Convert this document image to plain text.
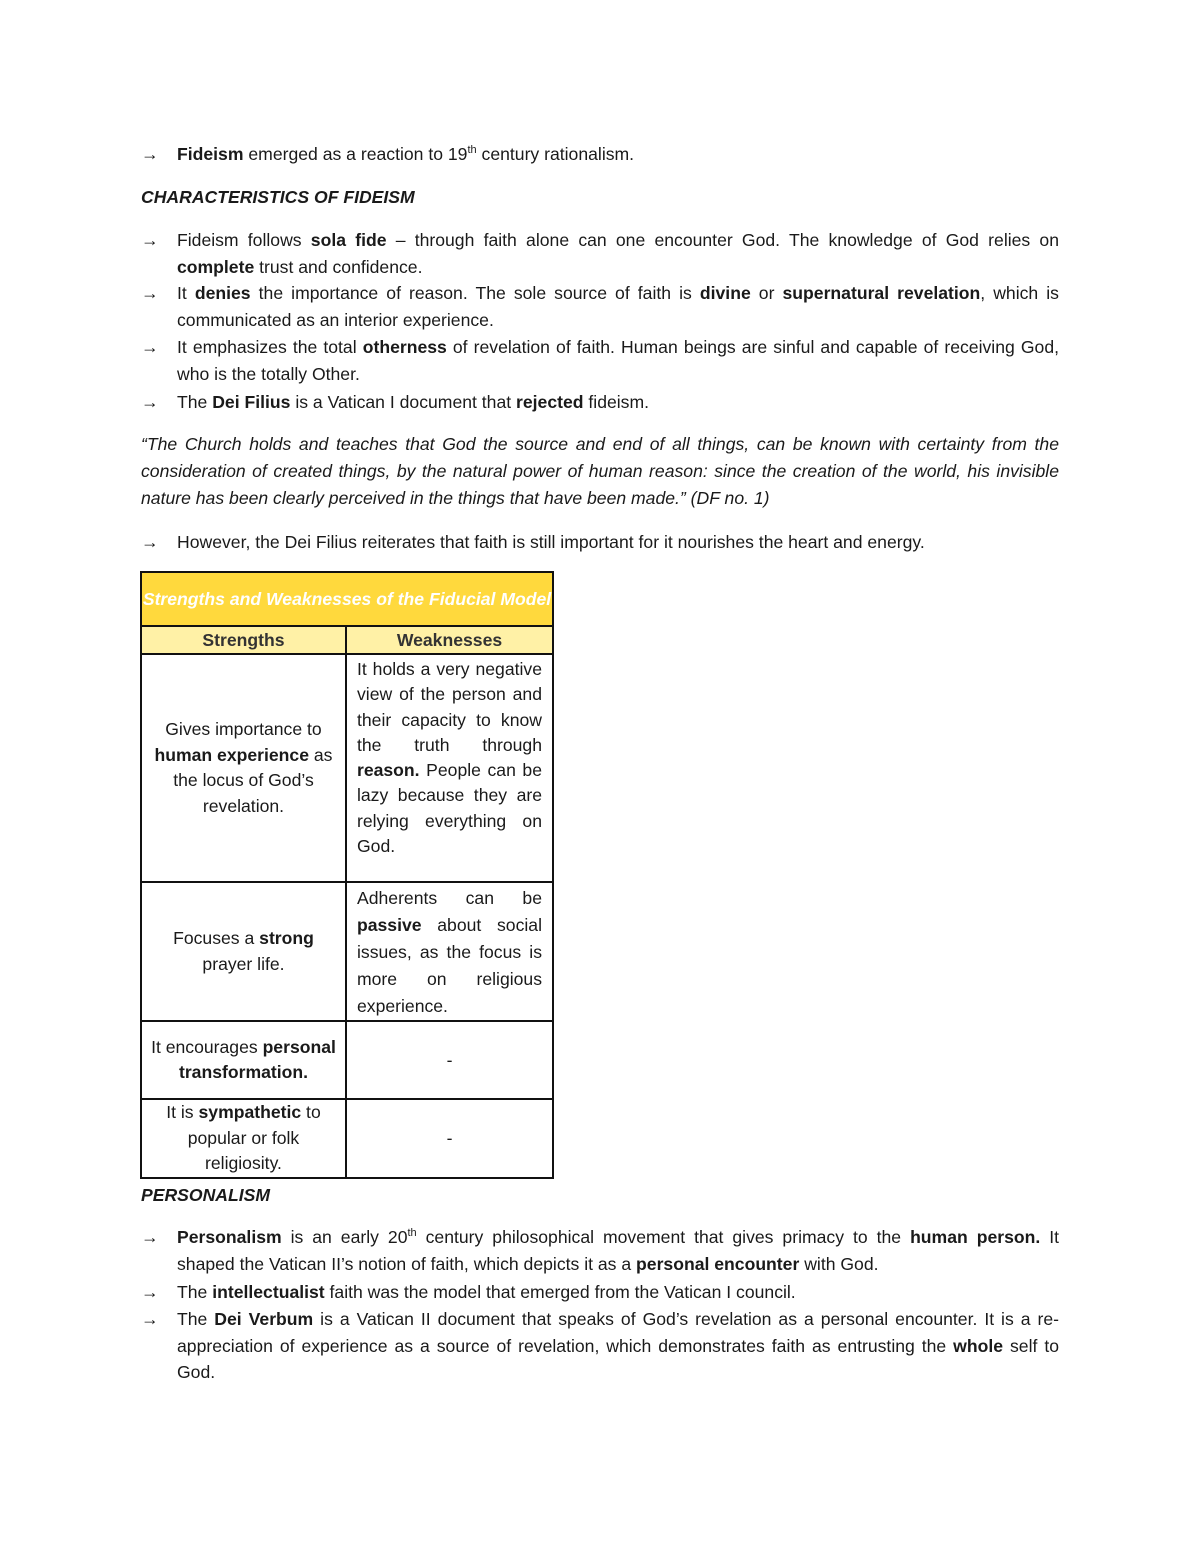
→	Fideism emerged as a reaction to 19th century rationalism.
CHARACTERISTICS OF FIDEISM
→	Fideism follows sola fide – through faith alone can one encounter God. The knowledge of God relies on complete trust and confidence.
→	It denies the importance of reason. The sole source of faith is divine or supernatural revelation, which is communicated as an interior experience.
→	It emphasizes the total otherness of revelation of faith. Human beings are sinful and capable of receiving God, who is the totally Other.
→	The Dei Filius is a Vatican I document that rejected fideism.
“The Church holds and teaches that God the source and end of all things, can be known with certainty from the consideration of created things, by the natural power of human reason: since the creation of the world, his invisible nature has been clearly perceived in the things that have been made.” (DF no. 1)
→	However, the Dei Filius reiterates that faith is still important for it nourishes the heart and energy.
Strengths and Weaknesses of the Fiducial Model	
Strengths	Weaknesses
Gives importance to human experience as the locus of God’s revelation.	It holds a very negative view of the person and their capacity to know the truth through reason. People can be lazy because they are relying everything on God.
Focuses a strong prayer life.	Adherents can be passive about social issues, as the focus is more on religious experience.
It encourages personal transformation.	-
It is sympathetic to popular or folk religiosity.	-
PERSONALISM
→	Personalism is an early 20th century philosophical movement that gives primacy to the human person. It shaped the Vatican II’s notion of faith, which depicts it as a personal encounter with God.
→	The intellectualist faith was the model that emerged from the Vatican I council.
→	The Dei Verbum is a Vatican II document that speaks of God’s revelation as a personal encounter. It is a re-appreciation of experience as a source of revelation, which demonstrates faith as entrusting the whole self to God.
